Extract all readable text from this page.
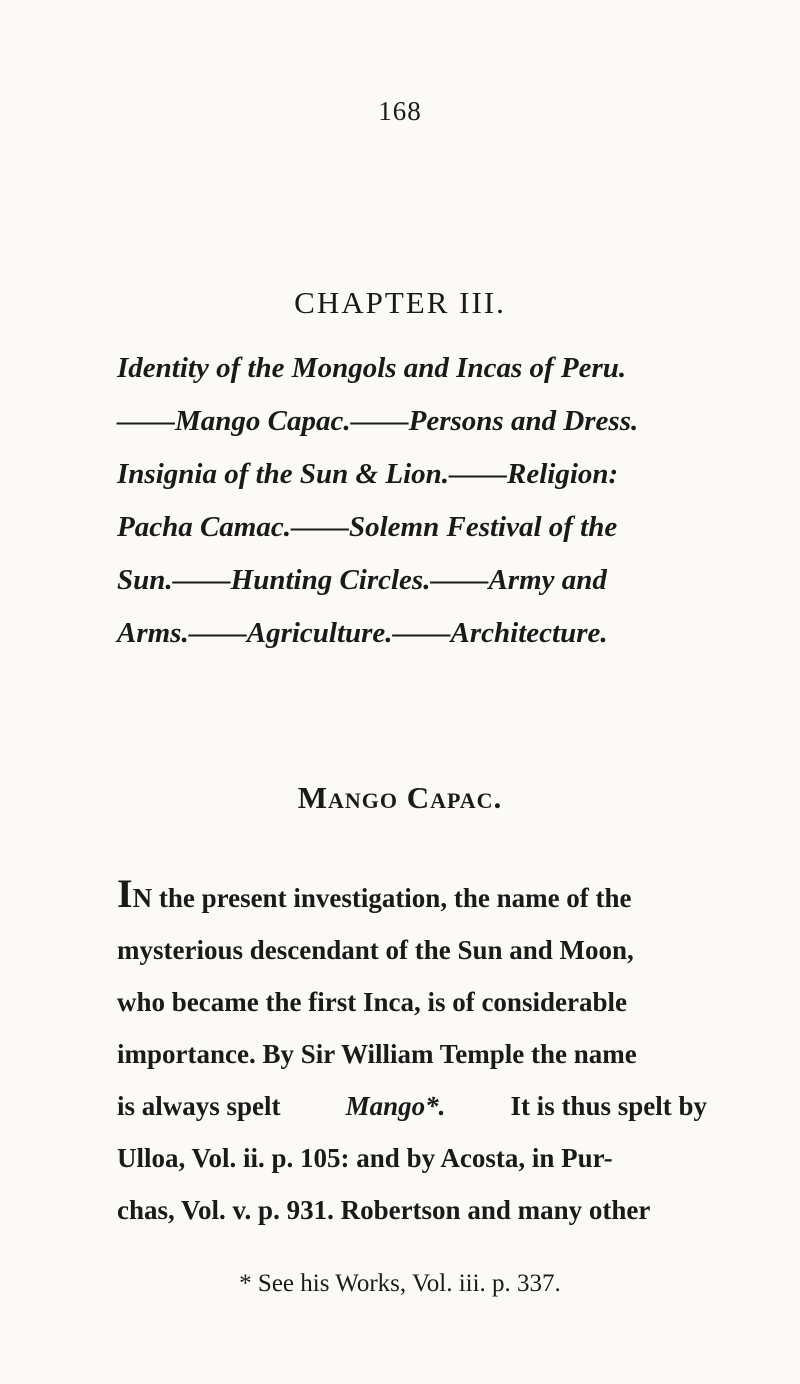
168
CHAPTER III.
Identity of the Mongols and Incas of Peru.
——Mango Capac.——Persons and Dress.
Insignia of the Sun & Lion.——Religion:
Pacha Camac.——Solemn Festival of the
Sun.——Hunting Circles.——Army and
Arms.——Agriculture.——Architecture.
Mango Capac.
IN the present investigation, the name of the
mysterious descendant of the Sun and Moon,
who became the first Inca, is of considerable
importance. By Sir William Temple the name
is always spelt Mango*. It is thus spelt by
Ulloa, Vol. ii. p. 105: and by Acosta, in Pur-
chas, Vol. v. p. 931. Robertson and many other
* See his Works, Vol. iii. p. 337.
